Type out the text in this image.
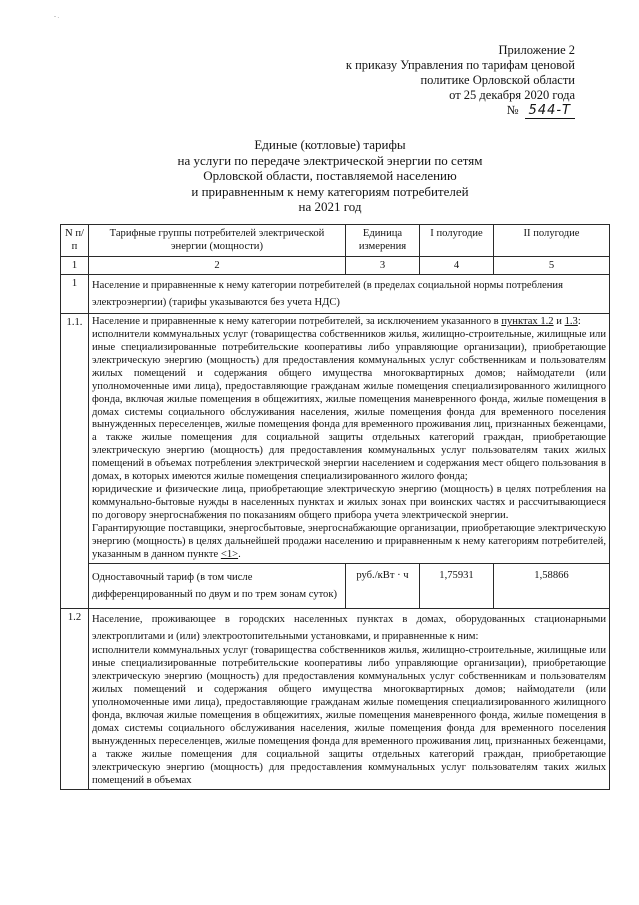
- .
Приложение 2
к приказу Управления по тарифам ценовой
политике Орловской области
от 25 декабря 2020 года
№ 544-Т
Единые (котловые) тарифы
на услуги по передаче электрической энергии по сетям
Орловской области, поставляемой населению
и приравненным к нему категориям потребителей
на 2021 год
N п/п	Тарифные группы потребителей электрической энергии (мощности)	Единица измерения	I полугодие	II полугодие
1	2	3	4	5
1	Население и приравненные к нему категории потребителей (в пределах социальной нормы потребления электроэнергии) (тарифы указываются без учета НДС)			
1.1.	Население и приравненные к нему категории потребителей, за исключением указанного в пунктах 1.2 и 1.3:
исполнители коммунальных услуг (товарищества собственников жилья, жилищно-строительные, жилищные или иные специализированные потребительские кооперативы либо управляющие организации), приобретающие электрическую энергию (мощность) для предоставления коммунальных услуг собственникам и пользователям жилых помещений и содержания общего имущества многоквартирных домов; наймодатели (или уполномоченные ими лица), предоставляющие гражданам жилые помещения специализированного жилищного фонда, включая жилые помещения в общежитиях, жилые помещения маневренного фонда, жилые помещения в домах системы социального обслуживания населения, жилые помещения фонда для временного поселения вынужденных переселенцев, жилые помещения фонда для временного проживания лиц, признанных беженцами, а также жилые помещения для социальной защиты отдельных категорий граждан, приобретающие электрическую энергию (мощность) для предоставления коммунальных услуг пользователям таких жилых помещений в объемах потребления электрической энергии населением и содержания мест общего пользования в домах, в которых имеются жилые помещения специализированного жилого фонда;
юридические и физические лица, приобретающие электрическую энергию (мощность) в целях потребления на коммунально-бытовые нужды в населенных пунктах и жилых зонах при воинских частях и рассчитывающиеся по договору энергоснабжения по показаниям общего прибора учета электрической энергии.
Гарантирующие поставщики, энергосбытовые, энергоснабжающие организации, приобретающие электрическую энергию (мощность) в целях дальнейшей продажи населению и приравненным к нему категориям потребителей, указанным в данном пункте <1>.			

	Одноставочный тариф (в том числе дифференцированный по двум и по трем зонам суток)	руб./кВт · ч	1,75931	1,58866
1.2	Население, проживающее в городских населенных пунктах в домах, оборудованных стационарными электроплитами и (или) электроотопительными установками, и приравненные к ним:
исполнители коммунальных услуг (товарищества собственников жилья, жилищно-строительные, жилищные или иные специализированные потребительские кооперативы либо управляющие организации), приобретающие электрическую энергию (мощность) для предоставления коммунальных услуг собственникам и пользователям жилых помещений и содержания общего имущества многоквартирных домов; наймодатели (или уполномоченные ими лица), предоставляющие гражданам жилые помещения специализированного жилищного фонда, включая жилые помещения в общежитиях, жилые помещения маневренного фонда, жилые помещения в домах системы социального обслуживания населения, жилые помещения фонда для временного поселения вынужденных переселенцев, жилые помещения фонда для временного проживания лиц, признанных беженцами, а также жилые помещения для социальной защиты отдельных категорий граждан, приобретающие электрическую энергию (мощность) для предоставления коммунальных услуг пользователям таких жилых помещений в объемах			
